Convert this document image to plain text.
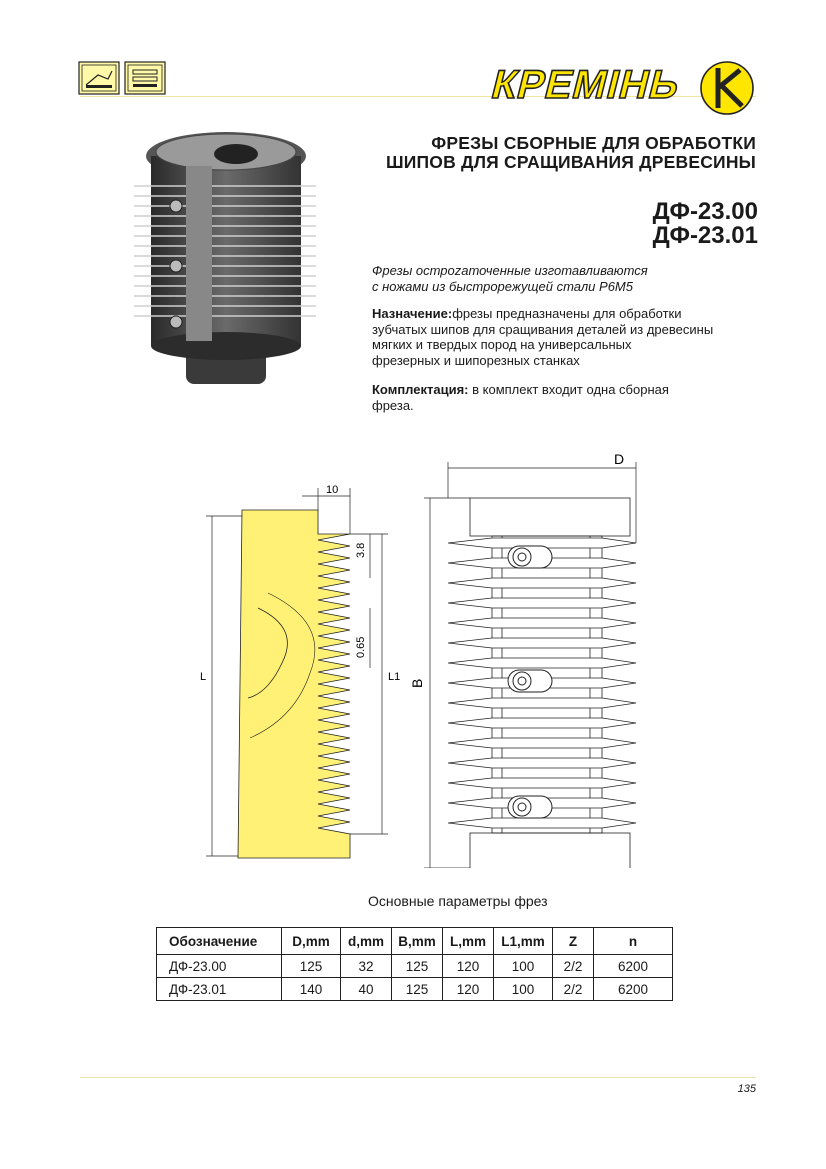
КРЕМІНЬ
ФРЕЗЫ СБОРНЫЕ ДЛЯ ОБРАБОТКИ
ШИПОВ ДЛЯ СРАЩИВАНИЯ ДРЕВЕСИНЫ
ДФ-23.00
ДФ-23.01
Фрезы остроzаточенные изготавливаются
с ножами из быстрорежущей стали Р6М5
Назначение:фрезы предназначены для обработки
зубчатых шипов для сращивания деталей из древесины
мягких и твердых пород на универсальных
фрезерных и шипорезных станках
Комплектация: в комплект входит одна сборная
фреза.
10
L	L1
3.8
0.65
D
B
Основные параметры фрез
Обозначение	D,mm	d,mm	B,mm	L,mm	L1,mm	Z	n
ДФ-23.00	125	32	125	120	100	2/2	6200
ДФ-23.01	140	40	125	120	100	2/2	6200
135
